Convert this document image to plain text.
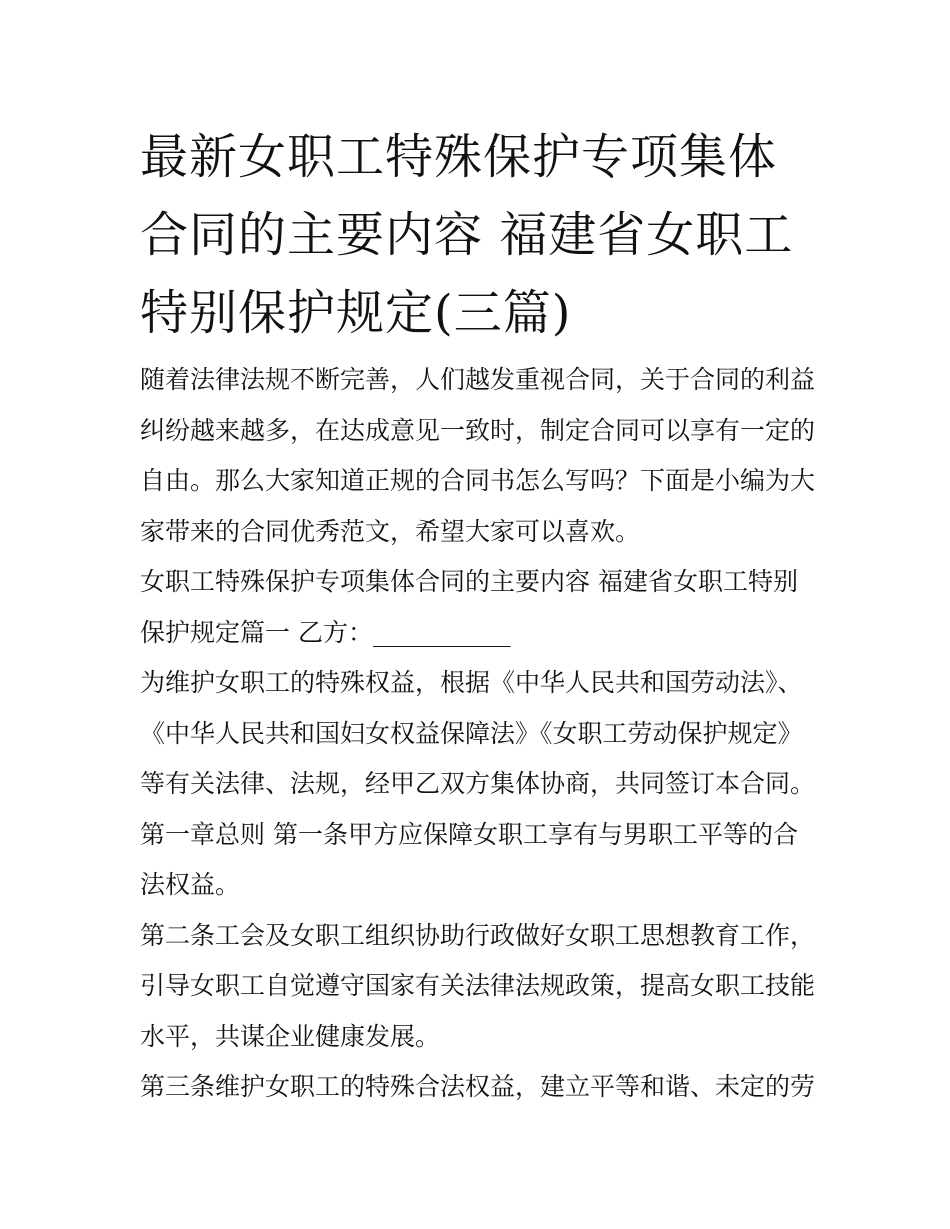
最新女职工特殊保护专项集体
合同的主要内容 福建省女职工
特别保护规定(三篇)
随着法律法规不断完善，人们越发重视合同，关于合同的利益
纠纷越来越多，在达成意见一致时，制定合同可以享有一定的
自由。那么大家知道正规的合同书怎么写吗？下面是小编为大
家带来的合同优秀范文，希望大家可以喜欢。
女职工特殊保护专项集体合同的主要内容 福建省女职工特别
保护规定篇一 乙方：___________
为维护女职工的特殊权益，根据《中华人民共和国劳动法》、
《中华人民共和国妇女权益保障法》《女职工劳动保护规定》
等有关法律、法规，经甲乙双方集体协商，共同签订本合同。
第一章总则 第一条甲方应保障女职工享有与男职工平等的合
法权益。
第二条工会及女职工组织协助行政做好女职工思想教育工作，
引导女职工自觉遵守国家有关法律法规政策，提高女职工技能
水平，共谋企业健康发展。
第三条维护女职工的特殊合法权益，建立平等和谐、未定的劳
